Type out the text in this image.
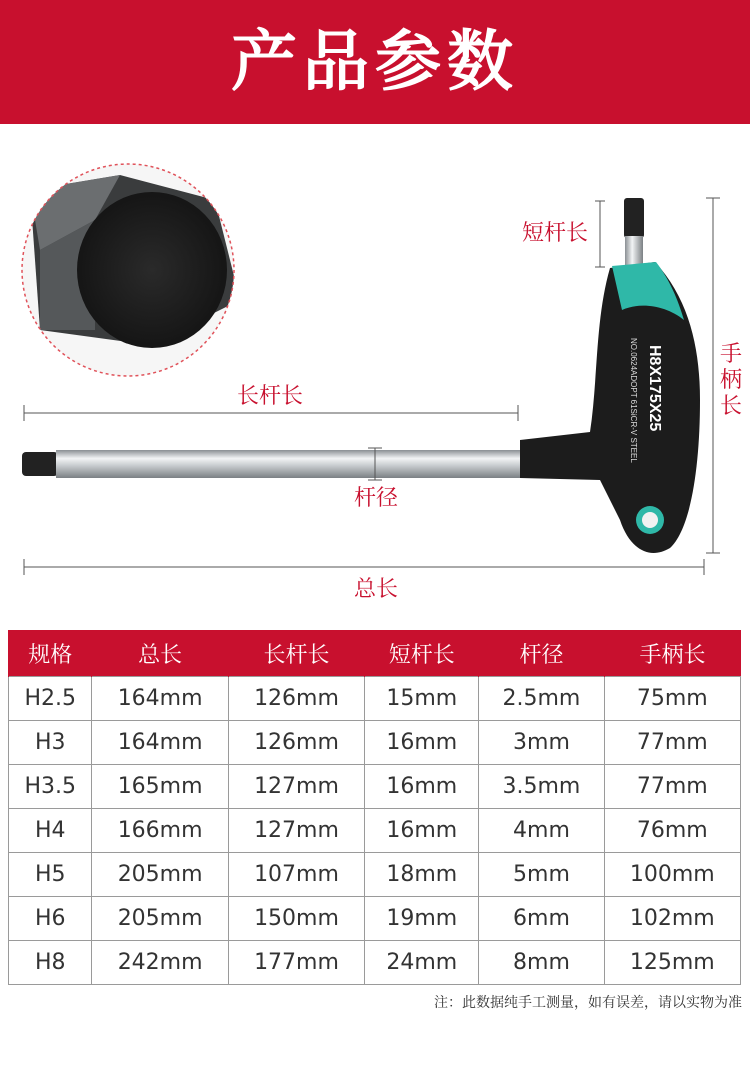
产品参数
H8X175X25
NO.0624ADOPT 61SiCR-V STEEL
短杆长
手柄长
长杆长
杆径
总长
规格	总长	长杆长	短杆长	杆径	手柄长
H2.5	164mm	126mm	15mm	2.5mm	75mm
H3	164mm	126mm	16mm	3mm	77mm
H3.5	165mm	127mm	16mm	3.5mm	77mm
H4	166mm	127mm	16mm	4mm	76mm
H5	205mm	107mm	18mm	5mm	100mm
H6	205mm	150mm	19mm	6mm	102mm
H8	242mm	177mm	24mm	8mm	125mm
注：此数据纯手工测量，如有误差，请以实物为准
